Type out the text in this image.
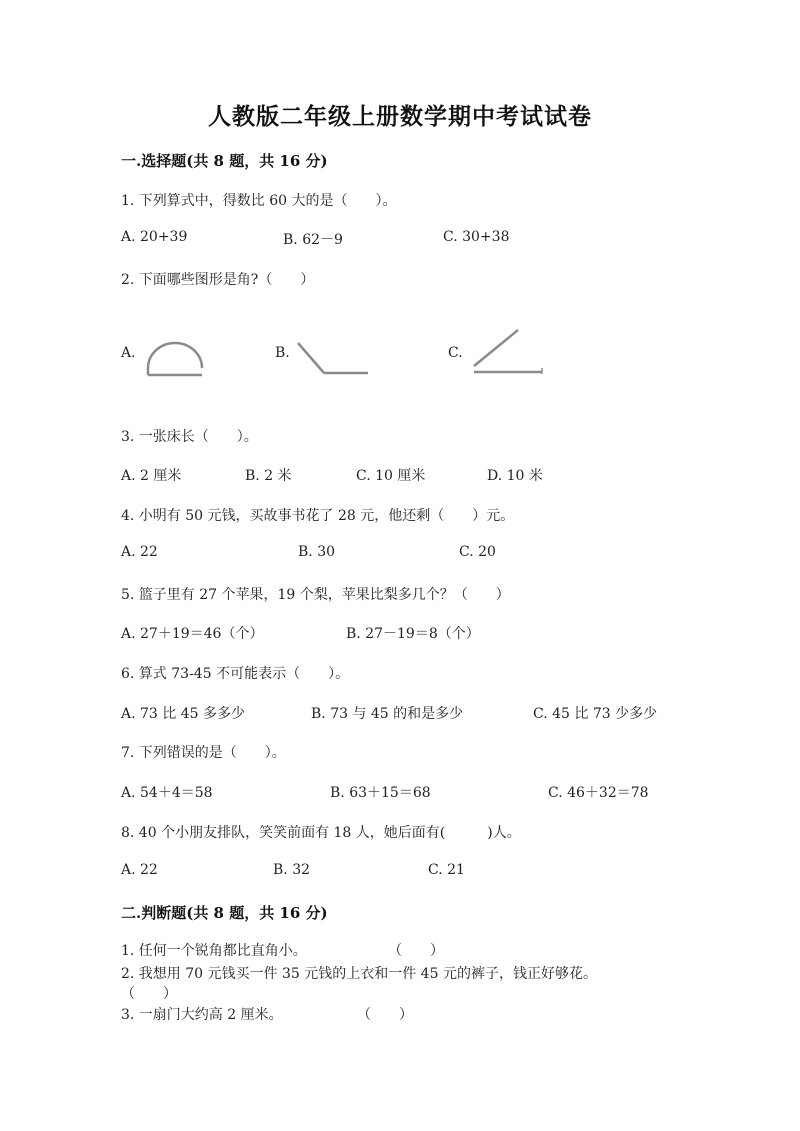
人教版二年级上册数学期中考试试卷
一.选择题(共 8 题，共 16 分)
1. 下列算式中，得数比 60 大的是（　　）。
A. 20+39	B. 62－9	C. 30+38
2. 下面哪些图形是角?（　　）
A.	B.	C.
3. 一张床长（　　）。
A. 2 厘米	B. 2 米	C. 10 厘米	D. 10 米
4. 小明有 50 元钱，买故事书花了 28 元，他还剩（　　）元。
A. 22	B. 30	C. 20
5. 篮子里有 27 个苹果，19 个梨，苹果比梨多几个？（　　）
A. 27＋19＝46（个）	B. 27－19＝8（个）
6. 算式 73-45 不可能表示（　　）。
A. 73 比 45 多多少	B. 73 与 45 的和是多少	C. 45 比 73 少多少
7. 下列错误的是（　　）。
A. 54＋4＝58	B. 63＋15＝68	C. 46＋32＝78
8. 40 个小朋友排队，笑笑前面有 18 人，她后面有(　　　)人。
A. 22	B. 32	C. 21
二.判断题(共 8 题，共 16 分)
1. 任何一个锐角都比直角小。	（　　）
2. 我想用 70 元钱买一件 35 元钱的上衣和一件 45 元的裤子，钱正好够花。
（　　）
3. 一扇门大约高 2 厘米。	（　　）
